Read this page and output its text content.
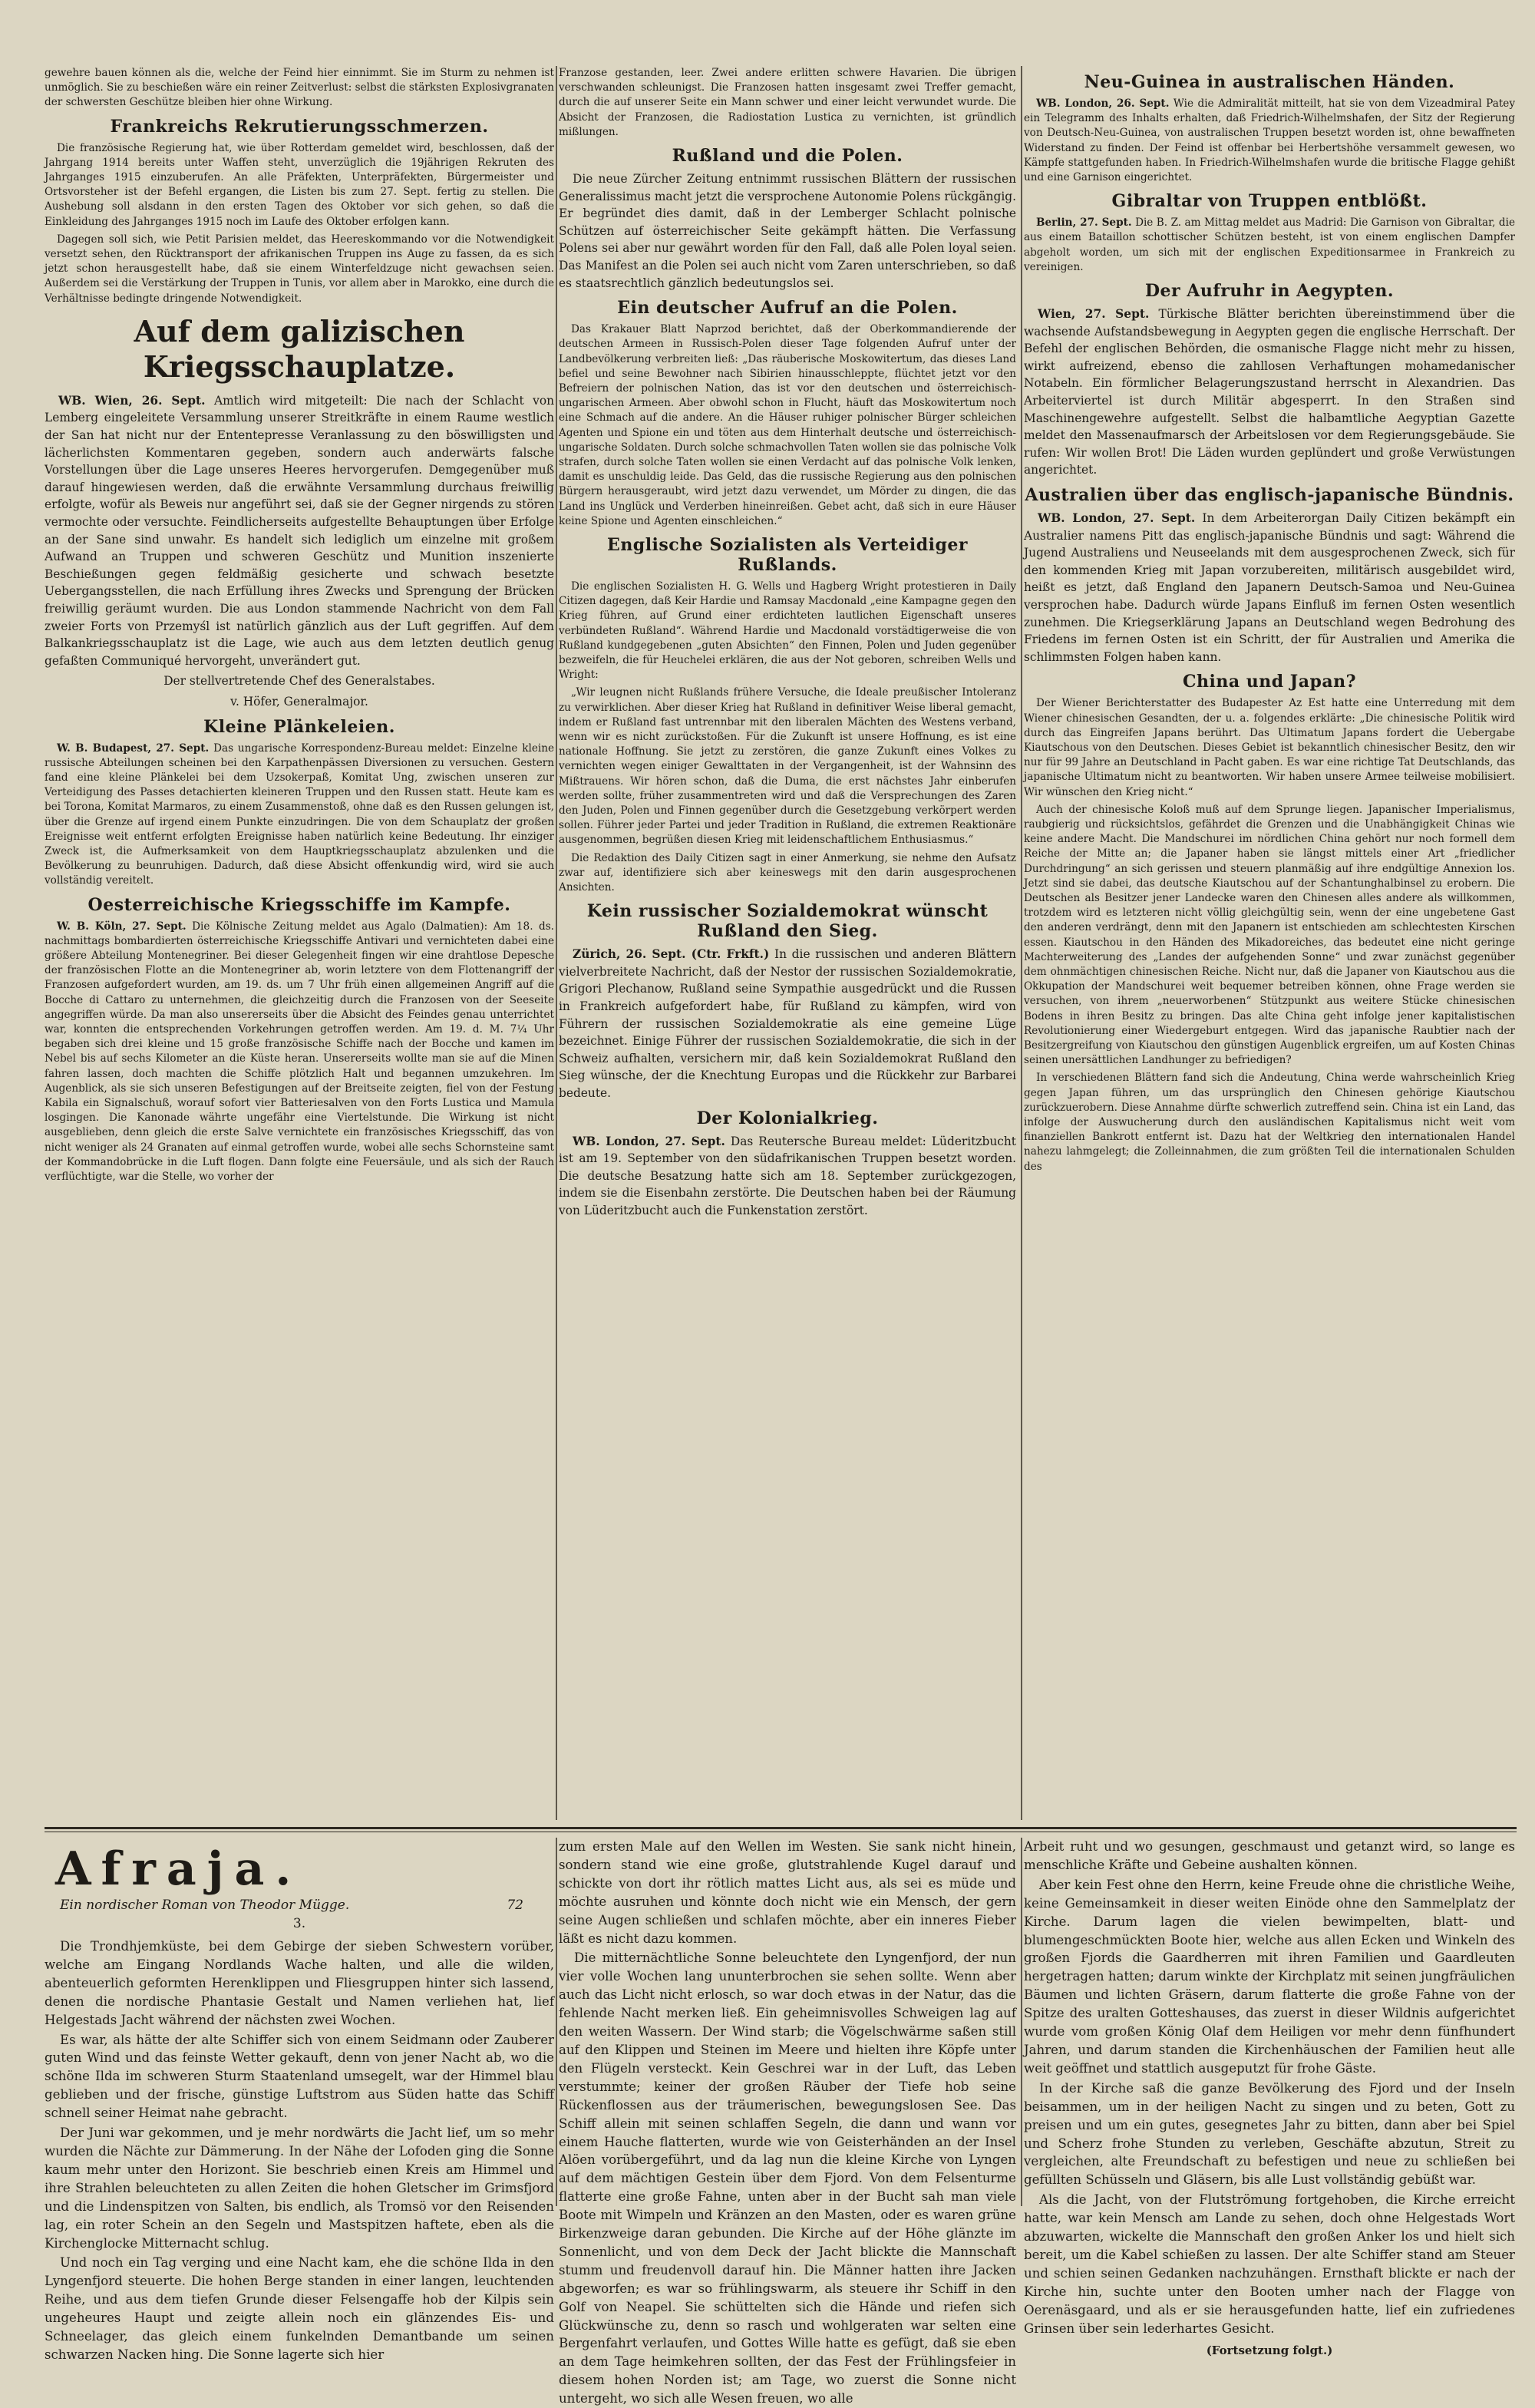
gewehre bauen können als die, welche der Feind hier einnimmt. Sie im Sturm zu nehmen ist unmöglich. Sie zu beschießen wäre ein reiner Zeitverlust: selbst die stärksten Explosivgranaten der schwersten Geschütze bleiben hier ohne Wirkung.

Frankreichs Rekrutierungsschmerzen.

Die französische Regierung hat, wie über Rotterdam gemeldet wird, beschlossen, daß der Jahrgang 1914 bereits unter Waffen steht, unverzüglich die 19jährigen Rekruten des Jahrganges 1915 einzuberufen. An alle Präfekten, Unterpräfekten, Bürgermeister und Ortsvorsteher ist der Befehl ergangen, die Listen bis zum 27. Sept. fertig zu stellen. Die Aushebung soll alsdann in den ersten Tagen des Oktober vor sich gehen, so daß die Einkleidung des Jahrganges 1915 noch im Laufe des Oktober erfolgen kann.

Dagegen soll sich, wie Petit Parisien meldet, das Heereskommando vor die Notwendigkeit versetzt sehen, den Rücktransport der afrikanischen Truppen ins Auge zu fassen, da es sich jetzt schon herausgestellt habe, daß sie einem Winterfeldzuge nicht gewachsen seien. Außerdem sei die Verstärkung der Truppen in Tunis, vor allem aber in Marokko, eine durch die Verhältnisse bedingte dringende Notwendigkeit.

Auf dem galizischen Kriegsschauplatze.

WB. Wien, 26. Sept. Amtlich wird mitgeteilt: Die nach der Schlacht von Lemberg eingeleitete Versammlung unserer Streitkräfte in einem Raume westlich der San hat nicht nur der Ententepresse Veranlassung zu den böswilligsten und lächerlichsten Kommentaren gegeben, sondern auch anderwärts falsche Vorstellungen über die Lage unseres Heeres hervorgerufen. Demgegenüber muß darauf hingewiesen werden, daß die erwähnte Versammlung durchaus freiwillig erfolgte, wofür als Beweis nur angeführt sei, daß sie der Gegner nirgends zu stören vermochte oder versuchte. Feindlicherseits aufgestellte Behauptungen über Erfolge an der Sane sind unwahr. Es handelt sich lediglich um einzelne mit großem Aufwand an Truppen und schweren Geschütz und Munition inszenierte Beschießungen gegen feldmäßig gesicherte und schwach besetzte Uebergangsstellen, die nach Erfüllung ihres Zwecks und Sprengung der Brücken freiwillig geräumt wurden. Die aus London stammende Nachricht von dem Fall zweier Forts von Przemyśl ist natürlich gänzlich aus der Luft gegriffen. Auf dem Balkankriegsschauplatz ist die Lage, wie auch aus dem letzten deutlich genug gefaßten Communiqué hervorgeht, unverändert gut.

Der stellvertretende Chef des Generalstabes.

v. Höfer, Generalmajor.

Kleine Plänkeleien.

W. B. Budapest, 27. Sept. Das ungarische Korrespondenz-Bureau meldet: Einzelne kleine russische Abteilungen scheinen bei den Karpathenpässen Diversionen zu versuchen. Gestern fand eine kleine Plänkelei bei dem Uzsokerpaß, Komitat Ung, zwischen unseren zur Verteidigung des Passes detachierten kleineren Truppen und den Russen statt. Heute kam es bei Torona, Komitat Marmaros, zu einem Zusammenstoß, ohne daß es den Russen gelungen ist, über die Grenze auf irgend einem Punkte einzudringen. Die von dem Schauplatz der großen Ereignisse weit entfernt erfolgten Ereignisse haben natürlich keine Bedeutung. Ihr einziger Zweck ist, die Aufmerksamkeit von dem Hauptkriegsschauplatz abzulenken und die Bevölkerung zu beunruhigen. Dadurch, daß diese Absicht offenkundig wird, wird sie auch vollständig vereitelt.

Oesterreichische Kriegsschiffe im Kampfe.

W. B. Köln, 27. Sept. Die Kölnische Zeitung meldet aus Agalo (Dalmatien): Am 18. ds. nachmittags bombardierten österreichische Kriegsschiffe Antivari und vernichteten dabei eine größere Abteilung Montenegriner. Bei dieser Gelegenheit fingen wir eine drahtlose Depesche der französischen Flotte an die Montenegriner ab, worin letztere von dem Flottenangriff der Franzosen aufgefordert wurden, am 19. ds. um 7 Uhr früh einen allgemeinen Angriff auf die Bocche di Cattaro zu unternehmen, die gleichzeitig durch die Franzosen von der Seeseite angegriffen würde. Da man also unsererseits über die Absicht des Feindes genau unterrichtet war, konnten die entsprechenden Vorkehrungen getroffen werden. Am 19. d. M. 7¼ Uhr begaben sich drei kleine und 15 große französische Schiffe nach der Bocche und kamen im Nebel bis auf sechs Kilometer an die Küste heran. Unsererseits wollte man sie auf die Minen fahren lassen, doch machten die Schiffe plötzlich Halt und begannen umzukehren. Im Augenblick, als sie sich unseren Befestigungen auf der Breitseite zeigten, fiel von der Festung Kabila ein Signalschuß, worauf sofort vier Batteriesalven von den Forts Lustica und Mamula losgingen. Die Kanonade währte ungefähr eine Viertelstunde. Die Wirkung ist nicht ausgeblieben, denn gleich die erste Salve vernichtete ein französisches Kriegsschiff, das von nicht weniger als 24 Granaten auf einmal getroffen wurde, wobei alle sechs Schornsteine samt der Kommandobrücke in die Luft flogen. Dann folgte eine Feuersäule, und als sich der Rauch verflüchtigte, war die Stelle, wo vorher der

Franzose gestanden, leer. Zwei andere erlitten schwere Havarien. Die übrigen verschwanden schleunigst. Die Franzosen hatten insgesamt zwei Treffer gemacht, durch die auf unserer Seite ein Mann schwer und einer leicht verwundet wurde. Die Absicht der Franzosen, die Radiostation Lustica zu vernichten, ist gründlich mißlungen.

Rußland und die Polen.

Die neue Zürcher Zeitung entnimmt russischen Blättern der russischen Generalissimus macht jetzt die versprochene Autonomie Polens rückgängig. Er begründet dies damit, daß in der Lemberger Schlacht polnische Schützen auf österreichischer Seite gekämpft hätten. Die Verfassung Polens sei aber nur gewährt worden für den Fall, daß alle Polen loyal seien. Das Manifest an die Polen sei auch nicht vom Zaren unterschrieben, so daß es staatsrechtlich gänzlich bedeutungslos sei.

Ein deutscher Aufruf an die Polen.

Das Krakauer Blatt Naprzod berichtet, daß der Oberkommandierende der deutschen Armeen in Russisch-Polen dieser Tage folgenden Aufruf unter der Landbevölkerung verbreiten ließ: „Das räuberische Moskowitertum, das dieses Land befiel und seine Bewohner nach Sibirien hinausschleppte, flüchtet jetzt vor den Befreiern der polnischen Nation, das ist vor den deutschen und österreichisch-ungarischen Armeen. Aber obwohl schon in Flucht, häuft das Moskowitertum noch eine Schmach auf die andere. An die Häuser ruhiger polnischer Bürger schleichen Agenten und Spione ein und töten aus dem Hinterhalt deutsche und österreichisch-ungarische Soldaten. Durch solche schmachvollen Taten wollen sie das polnische Volk strafen, durch solche Taten wollen sie einen Verdacht auf das polnische Volk lenken, damit es unschuldig leide. Das Geld, das die russische Regierung aus den polnischen Bürgern herausgeraubt, wird jetzt dazu verwendet, um Mörder zu dingen, die das Land ins Unglück und Verderben hineinreißen. Gebet acht, daß sich in eure Häuser keine Spione und Agenten einschleichen.“

Englische Sozialisten als Verteidiger Rußlands.

Die englischen Sozialisten H. G. Wells und Hagberg Wright protestieren in Daily Citizen dagegen, daß Keir Hardie und Ramsay Macdonald „eine Kampagne gegen den Krieg führen, auf Grund einer erdichteten lautlichen Eigenschaft unseres verbündeten Rußland“. Während Hardie und Macdonald vorstädtigerweise die von Rußland kundgegebenen „guten Absichten“ den Finnen, Polen und Juden gegenüber bezweifeln, die für Heuchelei erklären, die aus der Not geboren, schreiben Wells und Wright:

„Wir leugnen nicht Rußlands frühere Versuche, die Ideale preußischer Intoleranz zu verwirklichen. Aber dieser Krieg hat Rußland in definitiver Weise liberal gemacht, indem er Rußland fast untrennbar mit den liberalen Mächten des Westens verband, wenn wir es nicht zurückstoßen. Für die Zukunft ist unsere Hoffnung, es ist eine nationale Hoffnung. Sie jetzt zu zerstören, die ganze Zukunft eines Volkes zu vernichten wegen einiger Gewalttaten in der Vergangenheit, ist der Wahnsinn des Mißtrauens. Wir hören schon, daß die Duma, die erst nächstes Jahr einberufen werden sollte, früher zusammentreten wird und daß die Versprechungen des Zaren den Juden, Polen und Finnen gegenüber durch die Gesetzgebung verkörpert werden sollen. Führer jeder Partei und jeder Tradition in Rußland, die extremen Reaktionäre ausgenommen, begrüßen diesen Krieg mit leidenschaftlichem Enthusiasmus.“

Die Redaktion des Daily Citizen sagt in einer Anmerkung, sie nehme den Aufsatz zwar auf, identifiziere sich aber keineswegs mit den darin ausgesprochenen Ansichten.

Kein russischer Sozialdemokrat wünscht Rußland den Sieg.

Zürich, 26. Sept. (Ctr. Frkft.) In die russischen und anderen Blättern vielverbreitete Nachricht, daß der Nestor der russischen Sozialdemokratie, Grigori Plechanow, Rußland seine Sympathie ausgedrückt und die Russen in Frankreich aufgefordert habe, für Rußland zu kämpfen, wird von Führern der russischen Sozialdemokratie als eine gemeine Lüge bezeichnet. Einige Führer der russischen Sozialdemokratie, die sich in der Schweiz aufhalten, versichern mir, daß kein Sozialdemokrat Rußland den Sieg wünsche, der die Knechtung Europas und die Rückkehr zur Barbarei bedeute.

Der Kolonialkrieg.

WB. London, 27. Sept. Das Reutersche Bureau meldet: Lüderitzbucht ist am 19. September von den südafrikanischen Truppen besetzt worden. Die deutsche Besatzung hatte sich am 18. September zurückgezogen, indem sie die Eisenbahn zerstörte. Die Deutschen haben bei der Räumung von Lüderitzbucht auch die Funkenstation zerstört.

Neu-Guinea in australischen Händen.

WB. London, 26. Sept. Wie die Admiralität mitteilt, hat sie von dem Vizeadmiral Patey ein Telegramm des Inhalts erhalten, daß Friedrich-Wilhelmshafen, der Sitz der Regierung von Deutsch-Neu-Guinea, von australischen Truppen besetzt worden ist, ohne bewaffneten Widerstand zu finden. Der Feind ist offenbar bei Herbertshöhe versammelt gewesen, wo Kämpfe stattgefunden haben. In Friedrich-Wilhelmshafen wurde die britische Flagge gehißt und eine Garnison eingerichtet.

Gibraltar von Truppen entblößt.

Berlin, 27. Sept. Die B. Z. am Mittag meldet aus Madrid: Die Garnison von Gibraltar, die aus einem Bataillon schottischer Schützen besteht, ist von einem englischen Dampfer abgeholt worden, um sich mit der englischen Expeditionsarmee in Frankreich zu vereinigen.

Der Aufruhr in Aegypten.

Wien, 27. Sept. Türkische Blätter berichten übereinstimmend über die wachsende Aufstandsbewegung in Aegypten gegen die englische Herrschaft. Der Befehl der englischen Behörden, die osmanische Flagge nicht mehr zu hissen, wirkt aufreizend, ebenso die zahllosen Verhaftungen mohamedanischer Notabeln. Ein förmlicher Belagerungszustand herrscht in Alexandrien. Das Arbeiterviertel ist durch Militär abgesperrt. In den Straßen sind Maschinengewehre aufgestellt. Selbst die halbamtliche Aegyptian Gazette meldet den Massenaufmarsch der Arbeitslosen vor dem Regierungsgebäude. Sie rufen: Wir wollen Brot! Die Läden wurden geplündert und große Verwüstungen angerichtet.

Australien über das englisch-japanische Bündnis.

WB. London, 27. Sept. In dem Arbeiterorgan Daily Citizen bekämpft ein Australier namens Pitt das englisch-japanische Bündnis und sagt: Während die Jugend Australiens und Neuseelands mit dem ausgesprochenen Zweck, sich für den kommenden Krieg mit Japan vorzubereiten, militärisch ausgebildet wird, heißt es jetzt, daß England den Japanern Deutsch-Samoa und Neu-Guinea versprochen habe. Dadurch würde Japans Einfluß im fernen Osten wesentlich zunehmen. Die Kriegserklärung Japans an Deutschland wegen Bedrohung des Friedens im fernen Osten ist ein Schritt, der für Australien und Amerika die schlimmsten Folgen haben kann.

China und Japan?

Der Wiener Berichterstatter des Budapester Az Est hatte eine Unterredung mit dem Wiener chinesischen Gesandten, der u. a. folgendes erklärte: „Die chinesische Politik wird durch das Eingreifen Japans berührt. Das Ultimatum Japans fordert die Uebergabe Kiautschous von den Deutschen. Dieses Gebiet ist bekanntlich chinesischer Besitz, den wir nur für 99 Jahre an Deutschland in Pacht gaben. Es war eine richtige Tat Deutschlands, das japanische Ultimatum nicht zu beantworten. Wir haben unsere Armee teilweise mobilisiert. Wir wünschen den Krieg nicht.“

Auch der chinesische Koloß muß auf dem Sprunge liegen. Japanischer Imperialismus, raubgierig und rücksichtslos, gefährdet die Grenzen und die Unabhängigkeit Chinas wie keine andere Macht. Die Mandschurei im nördlichen China gehört nur noch formell dem Reiche der Mitte an; die Japaner haben sie längst mittels einer Art „friedlicher Durchdringung“ an sich gerissen und steuern planmäßig auf ihre endgültige Annexion los. Jetzt sind sie dabei, das deutsche Kiautschou auf der Schantunghalbinsel zu erobern. Die Deutschen als Besitzer jener Landecke waren den Chinesen alles andere als willkommen, trotzdem wird es letzteren nicht völlig gleichgültig sein, wenn der eine ungebetene Gast den anderen verdrängt, denn mit den Japanern ist entschieden am schlechtesten Kirschen essen. Kiautschou in den Händen des Mikadoreiches, das bedeutet eine nicht geringe Machterweiterung des „Landes der aufgehenden Sonne“ und zwar zunächst gegenüber dem ohnmächtigen chinesischen Reiche. Nicht nur, daß die Japaner von Kiautschou aus die Okkupation der Mandschurei weit bequemer betreiben können, ohne Frage werden sie versuchen, von ihrem „neuerworbenen“ Stützpunkt aus weitere Stücke chinesischen Bodens in ihren Besitz zu bringen. Das alte China geht infolge jener kapitalistischen Revolutionierung einer Wiedergeburt entgegen. Wird das japanische Raubtier nach der Besitzergreifung von Kiautschou den günstigen Augenblick ergreifen, um auf Kosten Chinas seinen unersättlichen Landhunger zu befriedigen?

In verschiedenen Blättern fand sich die Andeutung, China werde wahrscheinlich Krieg gegen Japan führen, um das ursprünglich den Chinesen gehörige Kiautschou zurückzuerobern. Diese Annahme dürfte schwerlich zutreffend sein. China ist ein Land, das infolge der Auswucherung durch den ausländischen Kapitalismus nicht weit vom finanziellen Bankrott entfernt ist. Dazu hat der Weltkrieg den internationalen Handel nahezu lahmgelegt; die Zolleinnahmen, die zum größten Teil die internationalen Schulden des

Afraja.
Ein nordischer Roman von Theodor Mügge.	72
3.

Die Trondhjemküste, bei dem Gebirge der sieben Schwestern vorüber, welche am Eingang Nordlands Wache halten, und alle die wilden, abenteuerlich geformten Herenklippen und Fliesgruppen hinter sich lassend, denen die nordische Phantasie Gestalt und Namen verliehen hat, lief Helgestads Jacht während der nächsten zwei Wochen.

Es war, als hätte der alte Schiffer sich von einem Seidmann oder Zauberer guten Wind und das feinste Wetter gekauft, denn von jener Nacht ab, wo die schöne Ilda im schweren Sturm Staatenland umsegelt, war der Himmel blau geblieben und der frische, günstige Luftstrom aus Süden hatte das Schiff schnell seiner Heimat nahe gebracht.

Der Juni war gekommen, und je mehr nordwärts die Jacht lief, um so mehr wurden die Nächte zur Dämmerung. In der Nähe der Lofoden ging die Sonne kaum mehr unter den Horizont. Sie beschrieb einen Kreis am Himmel und ihre Strahlen beleuchteten zu allen Zeiten die hohen Gletscher im Grimsfjord und die Lindenspitzen von Salten, bis endlich, als Tromsö vor den Reisenden lag, ein roter Schein an den Segeln und Mastspitzen haftete, eben als die Kirchenglocke Mitternacht schlug.

Und noch ein Tag verging und eine Nacht kam, ehe die schöne Ilda in den Lyngenfjord steuerte. Die hohen Berge standen in einer langen, leuchtenden Reihe, und aus dem tiefen Grunde dieser Felsengaffe hob der Kilpis sein ungeheures Haupt und zeigte allein noch ein glänzendes Eis- und Schneelager, das gleich einem funkelnden Demantbande um seinen schwarzen Nacken hing. Die Sonne lagerte sich hier

zum ersten Male auf den Wellen im Westen. Sie sank nicht hinein, sondern stand wie eine große, glutstrahlende Kugel darauf und schickte von dort ihr rötlich mattes Licht aus, als sei es müde und möchte ausruhen und könnte doch nicht wie ein Mensch, der gern seine Augen schließen und schlafen möchte, aber ein inneres Fieber läßt es nicht dazu kommen.

Die mitternächtliche Sonne beleuchtete den Lyngenfjord, der nun vier volle Wochen lang ununterbrochen sie sehen sollte. Wenn aber auch das Licht nicht erlosch, so war doch etwas in der Natur, das die fehlende Nacht merken ließ. Ein geheimnisvolles Schweigen lag auf den weiten Wassern. Der Wind starb; die Vögelschwärme saßen still auf den Klippen und Steinen im Meere und hielten ihre Köpfe unter den Flügeln versteckt. Kein Geschrei war in der Luft, das Leben verstummte; keiner der großen Räuber der Tiefe hob seine Rückenflossen aus der träumerischen, bewegungslosen See. Das Schiff allein mit seinen schlaffen Segeln, die dann und wann vor einem Hauche flatterten, wurde wie von Geisterhänden an der Insel Alöen vorübergeführt, und da lag nun die kleine Kirche von Lyngen auf dem mächtigen Gestein über dem Fjord. Von dem Felsenturme flatterte eine große Fahne, unten aber in der Bucht sah man viele Boote mit Wimpeln und Kränzen an den Masten, oder es waren grüne Birkenzweige daran gebunden. Die Kirche auf der Höhe glänzte im Sonnenlicht, und von dem Deck der Jacht blickte die Mannschaft stumm und freudenvoll darauf hin. Die Männer hatten ihre Jacken abgeworfen; es war so frühlingswarm, als steuere ihr Schiff in den Golf von Neapel. Sie schüttelten sich die Hände und riefen sich Glückwünsche zu, denn so rasch und wohlgeraten war selten eine Bergenfahrt verlaufen, und Gottes Wille hatte es gefügt, daß sie eben an dem Tage heimkehren sollten, der das Fest der Frühlingsfeier in diesem hohen Norden ist; am Tage, wo zuerst die Sonne nicht untergeht, wo sich alle Wesen freuen, wo alle

Arbeit ruht und wo gesungen, geschmaust und getanzt wird, so lange es menschliche Kräfte und Gebeine aushalten können.

Aber kein Fest ohne den Herrn, keine Freude ohne die christliche Weihe, keine Gemeinsamkeit in dieser weiten Einöde ohne den Sammelplatz der Kirche. Darum lagen die vielen bewimpelten, blatt- und blumengeschmückten Boote hier, welche aus allen Ecken und Winkeln des großen Fjords die Gaardherren mit ihren Familien und Gaardleuten hergetragen hatten; darum winkte der Kirchplatz mit seinen jungfräulichen Bäumen und lichten Gräsern, darum flatterte die große Fahne von der Spitze des uralten Gotteshauses, das zuerst in dieser Wildnis aufgerichtet wurde vom großen König Olaf dem Heiligen vor mehr denn fünfhundert Jahren, und darum standen die Kirchenhäuschen der Familien heut alle weit geöffnet und stattlich ausgeputzt für frohe Gäste.

In der Kirche saß die ganze Bevölkerung des Fjord und der Inseln beisammen, um in der heiligen Nacht zu singen und zu beten, Gott zu preisen und um ein gutes, gesegnetes Jahr zu bitten, dann aber bei Spiel und Scherz frohe Stunden zu verleben, Geschäfte abzutun, Streit zu vergleichen, alte Freundschaft zu befestigen und neue zu schließen bei gefüllten Schüsseln und Gläsern, bis alle Lust vollständig gebüßt war.

Als die Jacht, von der Flutströmung fortgehoben, die Kirche erreicht hatte, war kein Mensch am Lande zu sehen, doch ohne Helgestads Wort abzuwarten, wickelte die Mannschaft den großen Anker los und hielt sich bereit, um die Kabel schießen zu lassen. Der alte Schiffer stand am Steuer und schien seinen Gedanken nachzuhängen. Ernsthaft blickte er nach der Kirche hin, suchte unter den Booten umher nach der Flagge von Oerenäsgaard, und als er sie herausgefunden hatte, lief ein zufriedenes Grinsen über sein lederhartes Gesicht.

(Fortsetzung folgt.)
